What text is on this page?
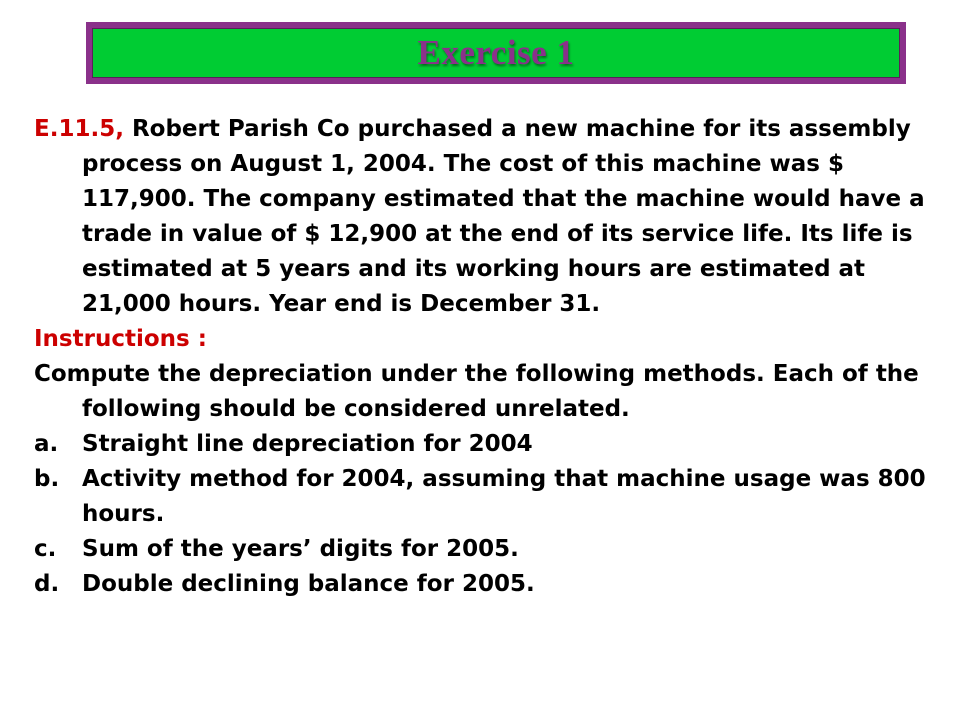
Exercise 1

E.11.5, Robert Parish Co purchased a new machine for its assembly process on August 1, 2004. The cost of this machine was $ 117,900. The company estimated that the machine would have a trade in value of $ 12,900 at the end of its service life. Its life is estimated at 5 years and its working hours are estimated at 21,000 hours. Year end is December 31.

Instructions :

Compute the depreciation under the following methods. Each of the following should be considered unrelated.

a. Straight line depreciation for 2004

b. Activity method for 2004, assuming that machine usage was 800 hours.

c. Sum of the years’ digits for 2005.

d. Double declining balance for 2005.
